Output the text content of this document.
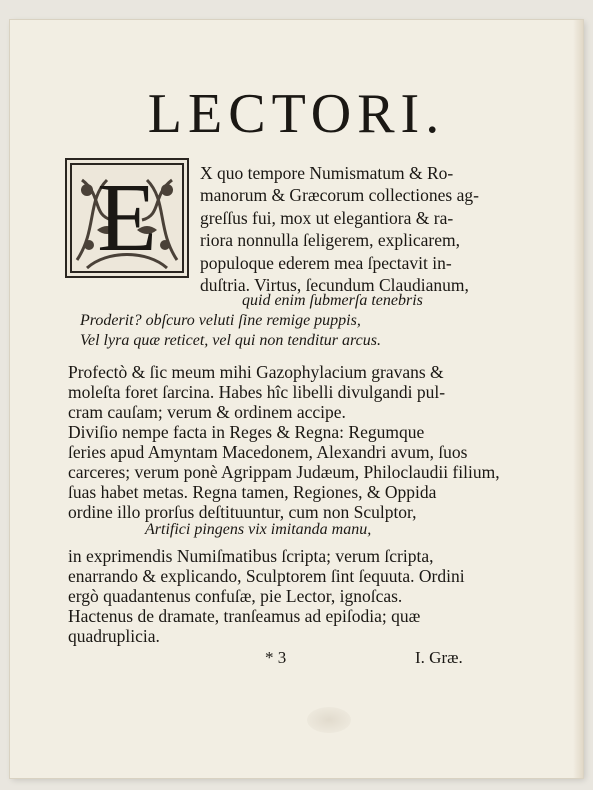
LECTORI.
E X quo tempore Numismatum & Ro-
manorum & Græcorum collectiones ag-
greſſus fui, mox ut elegantiora & ra-
riora nonnulla ſeligerem, explicarem,
populoque ederem mea ſpectavit in-
duſtria. Virtus, ſecundum Claudianum,
quid enim ſubmerſa tenebris
Proderit? obſcuro veluti ſine remige puppis,
Vel lyra quæ reticet, vel qui non tenditur arcus.
Profectò & ſic meum mihi Gazophylacium gravans &
moleſta foret ſarcina. Habes hîc libelli divulgandi pul-
cram cauſam; verum & ordinem accipe.
Diviſio nempe facta in Reges & Regna: Regumque
ſeries apud Amyntam Macedonem, Alexandri avum, ſuos
carceres; verum ponè Agrippam Judæum, Philoclaudii filium,
ſuas habet metas. Regna tamen, Regiones, & Oppida
ordine illo prorſus deſtituuntur, cum non Sculptor,
Artifici pingens vix imitanda manu,
in exprimendis Numiſmatibus ſcripta; verum ſcripta,
enarrando & explicando, Sculptorem ſint ſequuta. Ordini
ergò quadantenus confuſæ, pie Lector, ignoſcas.
Hactenus de dramate, tranſeamus ad epiſodia; quæ
quadruplicia.
* 3	I. Græ.
